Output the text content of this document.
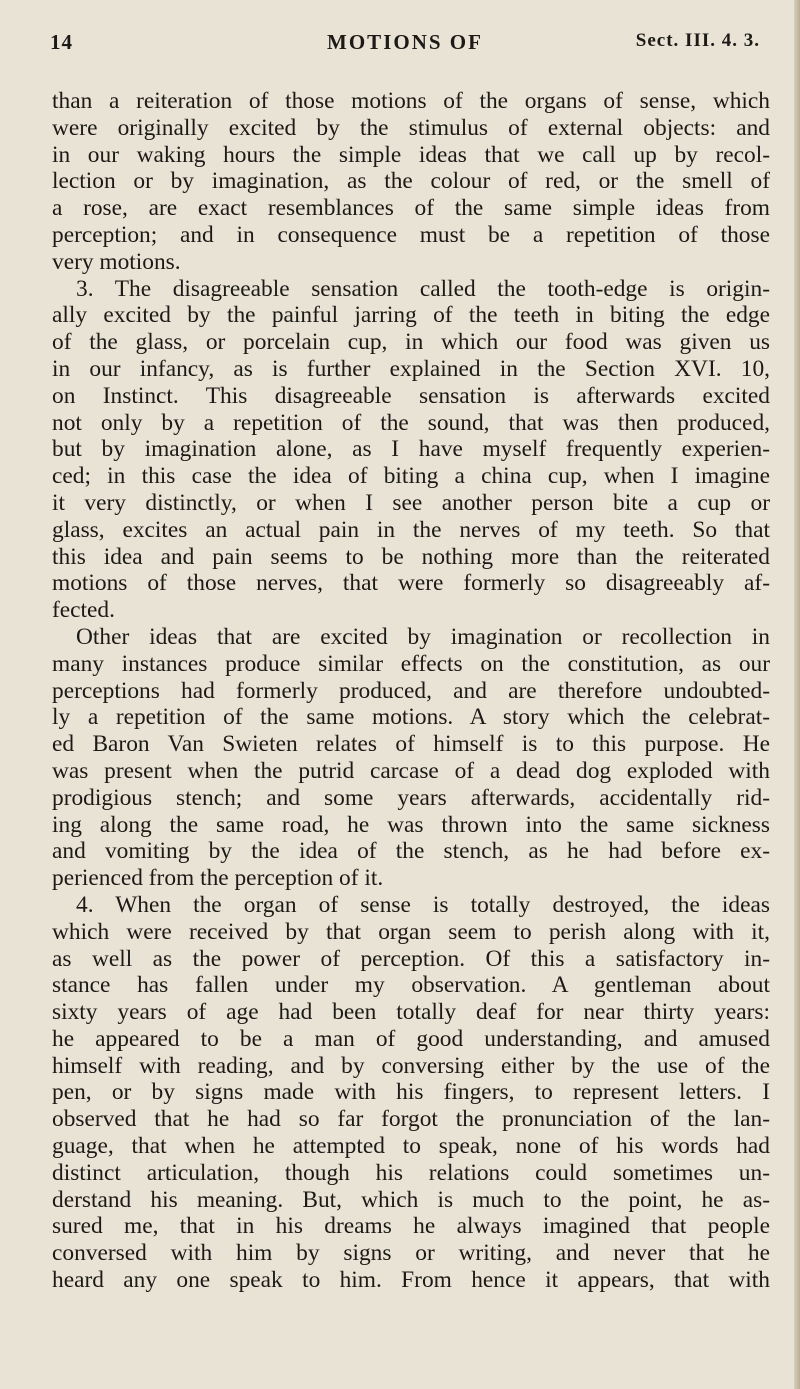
14	MOTIONS OF	Sect. III. 4. 3.
than a reiteration of those motions of the organs of sense, which
were originally excited by the stimulus of external objects: and
in our waking hours the simple ideas that we call up by recol-
lection or by imagination, as the colour of red, or the smell of
a rose, are exact resemblances of the same simple ideas from
perception; and in consequence must be a repetition of those
very motions.
3. The disagreeable sensation called the tooth-edge is origin-
ally excited by the painful jarring of the teeth in biting the edge
of the glass, or porcelain cup, in which our food was given us
in our infancy, as is further explained in the Section XVI. 10,
on Instinct. This disagreeable sensation is afterwards excited
not only by a repetition of the sound, that was then produced,
but by imagination alone, as I have myself frequently experien-
ced; in this case the idea of biting a china cup, when I imagine
it very distinctly, or when I see another person bite a cup or
glass, excites an actual pain in the nerves of my teeth. So that
this idea and pain seems to be nothing more than the reiterated
motions of those nerves, that were formerly so disagreeably af-
fected.
Other ideas that are excited by imagination or recollection in
many instances produce similar effects on the constitution, as our
perceptions had formerly produced, and are therefore undoubted-
ly a repetition of the same motions. A story which the celebrat-
ed Baron Van Swieten relates of himself is to this purpose. He
was present when the putrid carcase of a dead dog exploded with
prodigious stench; and some years afterwards, accidentally rid-
ing along the same road, he was thrown into the same sickness
and vomiting by the idea of the stench, as he had before ex-
perienced from the perception of it.
4. When the organ of sense is totally destroyed, the ideas
which were received by that organ seem to perish along with it,
as well as the power of perception. Of this a satisfactory in-
stance has fallen under my observation. A gentleman about
sixty years of age had been totally deaf for near thirty years:
he appeared to be a man of good understanding, and amused
himself with reading, and by conversing either by the use of the
pen, or by signs made with his fingers, to represent letters. I
observed that he had so far forgot the pronunciation of the lan-
guage, that when he attempted to speak, none of his words had
distinct articulation, though his relations could sometimes un-
derstand his meaning. But, which is much to the point, he as-
sured me, that in his dreams he always imagined that people
conversed with him by signs or writing, and never that he
heard any one speak to him. From hence it appears, that with
